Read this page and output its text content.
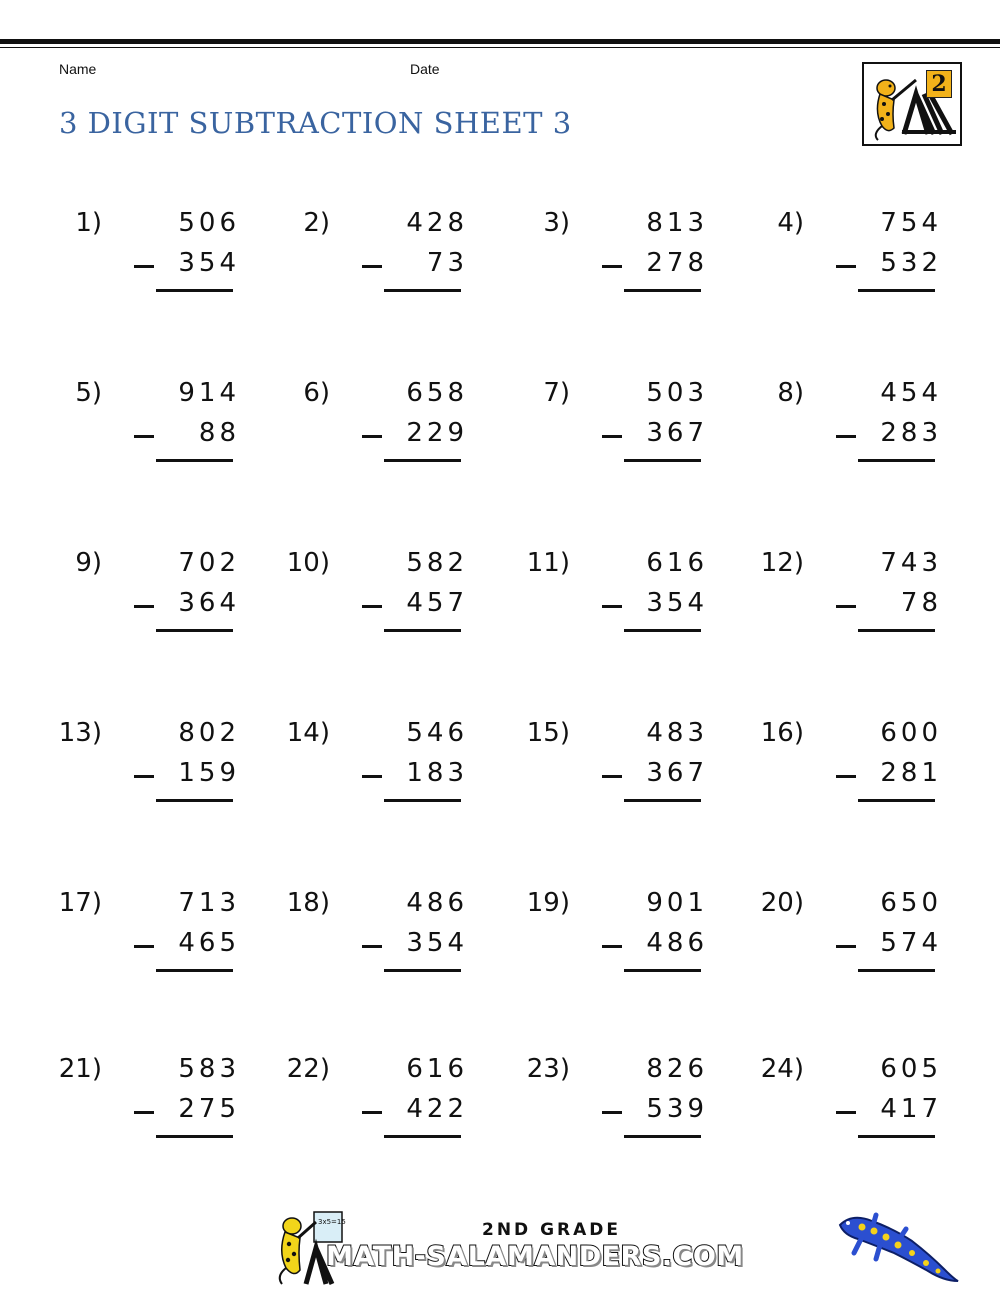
Name	Date
3 DIGIT SUBTRACTION SHEET 3
2
1)	506
354
2)	428
73
3)	813
278
4)	754
532
5)	914
88
6)	658
229
7)	503
367
8)	454
283
9)	702
364
10)	582
457
11)	616
354
12)	743
78
13)	802
159
14)	546
183
15)	483
367
16)	600
281
17)	713
465
18)	486
354
19)	901
486
20)	650
574
21)	583
275
22)	616
422
23)	826
539
24)	605
417
3x5=15	2ND GRADE
MATH-SALAMANDERS.COM
